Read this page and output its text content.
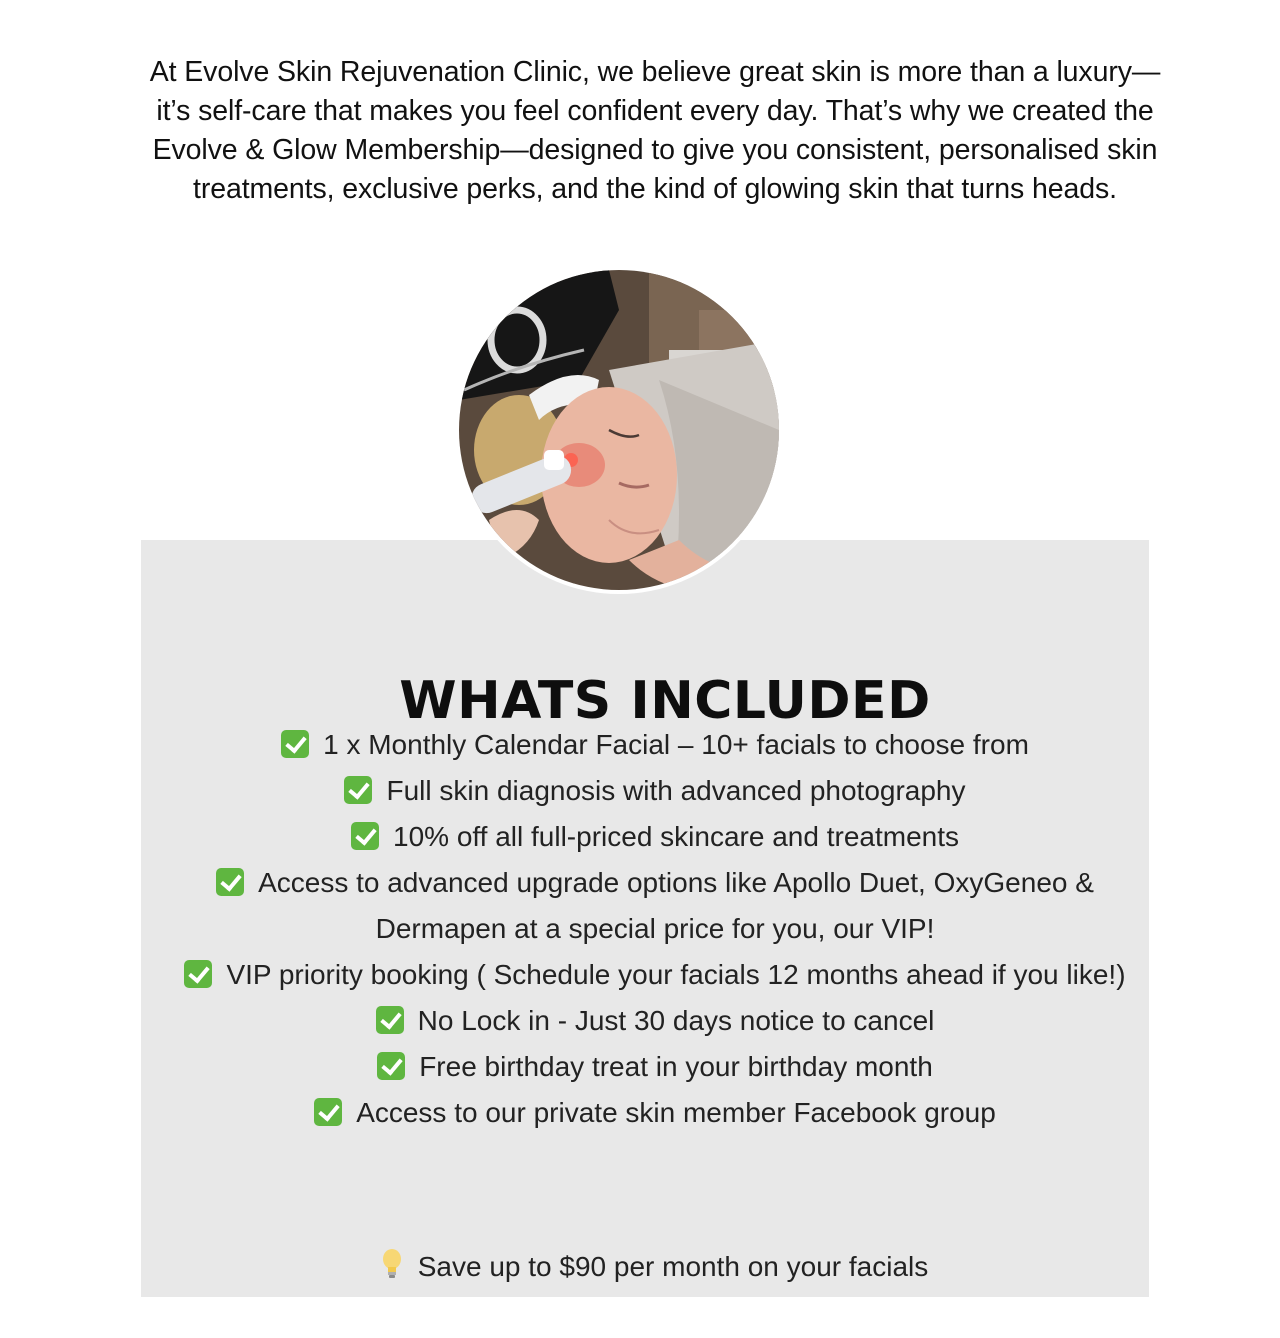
At Evolve Skin Rejuvenation Clinic, we believe great skin is more than a luxury—it’s self-care that makes you feel confident every day. That’s why we created the Evolve & Glow Membership—designed to give you consistent, personalised skin treatments, exclusive perks, and the kind of glowing skin that turns heads.

WHATS INCLUDED
1 x Monthly Calendar Facial – 10+ facials to choose from
Full skin diagnosis with advanced photography
10% off all full-priced skincare and treatments
Access to advanced upgrade options like Apollo Duet, OxyGeneo & Dermapen at a special price for you, our VIP!
VIP priority booking ( Schedule your facials 12 months ahead if you like!)
No Lock in - Just 30 days notice to cancel
Free birthday treat in your birthday month
Access to our private skin member Facebook group

Save up to $90 per month on your facials
